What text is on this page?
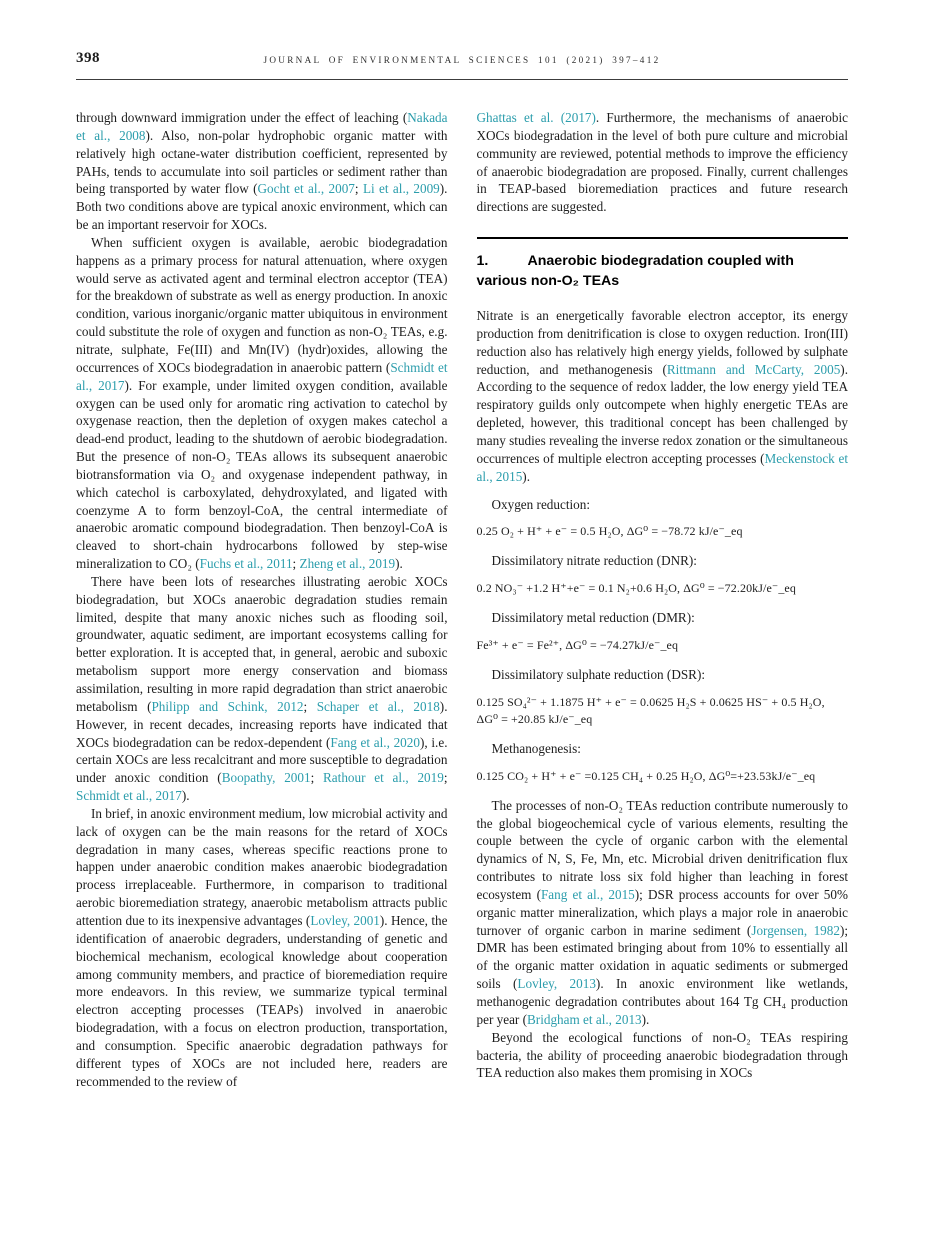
398	JOURNAL OF ENVIRONMENTAL SCIENCES 101 (2021) 397–412

through downward immigration under the effect of leaching (Nakada et al., 2008). Also, non-polar hydrophobic organic matter with relatively high octane-water distribution coefficient, represented by PAHs, tends to accumulate into soil particles or sediment rather than being transported by water flow (Gocht et al., 2007; Li et al., 2009). Both two conditions above are typical anoxic environment, which can be an important reservoir for XOCs.

When sufficient oxygen is available, aerobic biodegradation happens as a primary process for natural attenuation, where oxygen would serve as activated agent and terminal electron acceptor (TEA) for the breakdown of substrate as well as energy production. In anoxic condition, various inorganic/organic matter ubiquitous in environment could substitute the role of oxygen and function as non-O₂ TEAs, e.g. nitrate, sulphate, Fe(III) and Mn(IV) (hydr)oxides, allowing the occurrences of XOCs biodegradation in anaerobic pattern (Schmidt et al., 2017). For example, under limited oxygen condition, available oxygen can be used only for aromatic ring activation to catechol by oxygenase reaction, then the depletion of oxygen makes catechol a dead-end product, leading to the shutdown of aerobic biodegradation. But the presence of non-O₂ TEAs allows its subsequent anaerobic biotransformation via O₂ and oxygenase independent pathway, in which catechol is carboxylated, dehydroxylated, and ligated with coenzyme A to form benzoyl-CoA, the central intermediate of anaerobic aromatic compound biodegradation. Then benzoyl-CoA is cleaved to short-chain hydrocarbons followed by step-wise mineralization to CO₂ (Fuchs et al., 2011; Zheng et al., 2019).

There have been lots of researches illustrating aerobic XOCs biodegradation, but XOCs anaerobic degradation studies remain limited, despite that many anoxic niches such as flooding soil, groundwater, aquatic sediment, are important ecosystems calling for better exploration. It is accepted that, in general, aerobic and suboxic metabolism support more energy conservation and biomass assimilation, resulting in more rapid degradation than strict anaerobic metabolism (Philipp and Schink, 2012; Schaper et al., 2018). However, in recent decades, increasing reports have indicated that XOCs biodegradation can be redox-dependent (Fang et al., 2020), i.e. certain XOCs are less recalcitrant and more susceptible to degradation under anoxic condition (Boopathy, 2001; Rathour et al., 2019; Schmidt et al., 2017).

In brief, in anoxic environment medium, low microbial activity and lack of oxygen can be the main reasons for the retard of XOCs degradation in many cases, whereas specific reactions prone to happen under anaerobic condition makes anaerobic biodegradation process irreplaceable. Furthermore, in comparison to traditional aerobic bioremediation strategy, anaerobic metabolism attracts public attention due to its inexpensive advantages (Lovley, 2001). Hence, the identification of anaerobic degraders, understanding of genetic and biochemical mechanism, ecological knowledge about cooperation among community members, and practice of bioremediation require more endeavors. In this review, we summarize typical terminal electron accepting processes (TEAPs) involved in anaerobic biodegradation, with a focus on electron production, transportation, and consumption. Specific anaerobic degradation pathways for different types of XOCs are not included here, readers are recommended to the review of

Ghattas et al. (2017). Furthermore, the mechanisms of anaerobic XOCs biodegradation in the level of both pure culture and microbial community are reviewed, potential methods to improve the efficiency of anaerobic biodegradation are proposed. Finally, current challenges in TEAP-based bioremediation practices and future research directions are suggested.

1.	Anaerobic biodegradation coupled with various non-O₂ TEAs

Nitrate is an energetically favorable electron acceptor, its energy production from denitrification is close to oxygen reduction. Iron(III) reduction also has relatively high energy yields, followed by sulphate reduction, and methanogenesis (Rittmann and McCarty, 2005). According to the sequence of redox ladder, the low energy yield TEA respiratory guilds only outcompete when highly energetic TEAs are depleted, however, this traditional concept has been challenged by many studies revealing the inverse redox zonation or the simultaneous occurrences of multiple electron accepting processes (Meckenstock et al., 2015).

Oxygen reduction:

0.25 O₂ + H⁺ + e⁻ = 0.5 H₂O, ΔG⁰ = −78.72 kJ/e⁻_eq

Dissimilatory nitrate reduction (DNR):

0.2 NO₃⁻ +1.2 H⁺+e⁻ = 0.1 N₂+0.6 H₂O, ΔG⁰ = −72.20kJ/e⁻_eq

Dissimilatory metal reduction (DMR):

Fe³⁺ + e⁻ = Fe²⁺, ΔG⁰ = −74.27kJ/e⁻_eq

Dissimilatory sulphate reduction (DSR):

0.125 SO₄²⁻ + 1.1875 H⁺ + e⁻ = 0.0625 H₂S + 0.0625 HS⁻ + 0.5 H₂O, ΔG⁰ = +20.85 kJ/e⁻_eq

Methanogenesis:

0.125 CO₂ + H⁺ + e⁻ =0.125 CH₄ + 0.25 H₂O, ΔG⁰=+23.53kJ/e⁻_eq

The processes of non-O₂ TEAs reduction contribute numerously to the global biogeochemical cycle of various elements, resulting the couple between the cycle of organic carbon with the elemental dynamics of N, S, Fe, Mn, etc. Microbial driven denitrification flux contributes to nitrate loss six fold higher than leaching in forest ecosystem (Fang et al., 2015); DSR process accounts for over 50% organic matter mineralization, which plays a major role in anaerobic turnover of organic carbon in marine sediment (Jorgensen, 1982); DMR has been estimated bringing about from 10% to essentially all of the organic matter oxidation in aquatic sediments or submerged soils (Lovley, 2013). In anoxic environment like wetlands, methanogenic degradation contributes about 164 Tg CH₄ production per year (Bridgham et al., 2013).

Beyond the ecological functions of non-O₂ TEAs respiring bacteria, the ability of proceeding anaerobic biodegradation through TEA reduction also makes them promising in XOCs
